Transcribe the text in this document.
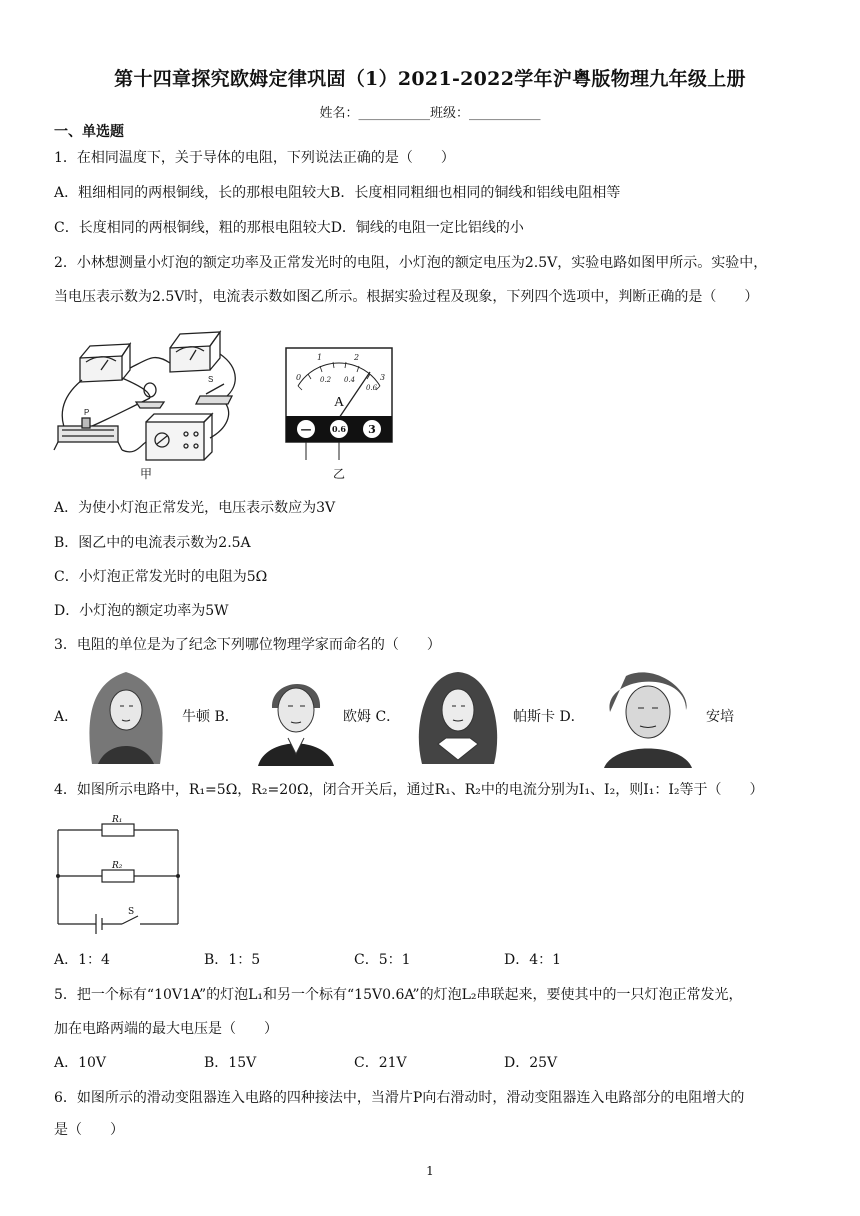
第十四章探究欧姆定律巩固（1）2021-2022学年沪粤版物理九年级上册
姓名：___________班级：___________
一、单选题
1．在相同温度下，关于导体的电阻，下列说法正确的是（　　）
A．粗细相同的两根铜线，长的那根电阻较大B．长度相同粗细也相同的铜线和铝线电阻相等
C．长度相同的两根铜线，粗的那根电阻较大D．铜线的电阻一定比铝线的小
2．小林想测量小灯泡的额定功率及正常发光时的电阻，小灯泡的额定电压为2.5V，实验电路如图甲所示。实验中，
当电压表示数为2.5V时，电流表示数如图乙所示。根据实验过程及现象，下列四个选项中，判断正确的是（　　）
S
P
甲
0
1	2
3
0.2 0.4
0.6
A
—	0.6 3
乙
A．为使小灯泡正常发光，电压表示数应为3V
B．图乙中的电流表示数为2.5A
C．小灯泡正常发光时的电阻为5Ω
D．小灯泡的额定功率为5W
3．电阻的单位是为了纪念下列哪位物理学家而命名的（　　）
A．	牛顿 B．	欧姆 C．	帕斯卡 D．	安培
4．如图所示电路中，R₁=5Ω，R₂=20Ω，闭合开关后，通过R₁、R₂中的电流分别为I₁、I₂，则I₁：I₂等于（　　）
R₁
R₂
S
A．1：4	B．1：5	C．5：1	D．4：1
5．把一个标有“10V1A”的灯泡L₁和另一个标有“15V0.6A”的灯泡L₂串联起来，要使其中的一只灯泡正常发光，
加在电路两端的最大电压是（　　）
A．10V	B．15V	C．21V	D．25V
6．如图所示的滑动变阻器连入电路的四种接法中，当滑片P向右滑动时，滑动变阻器连入电路部分的电阻增大的
是（　　）
1
